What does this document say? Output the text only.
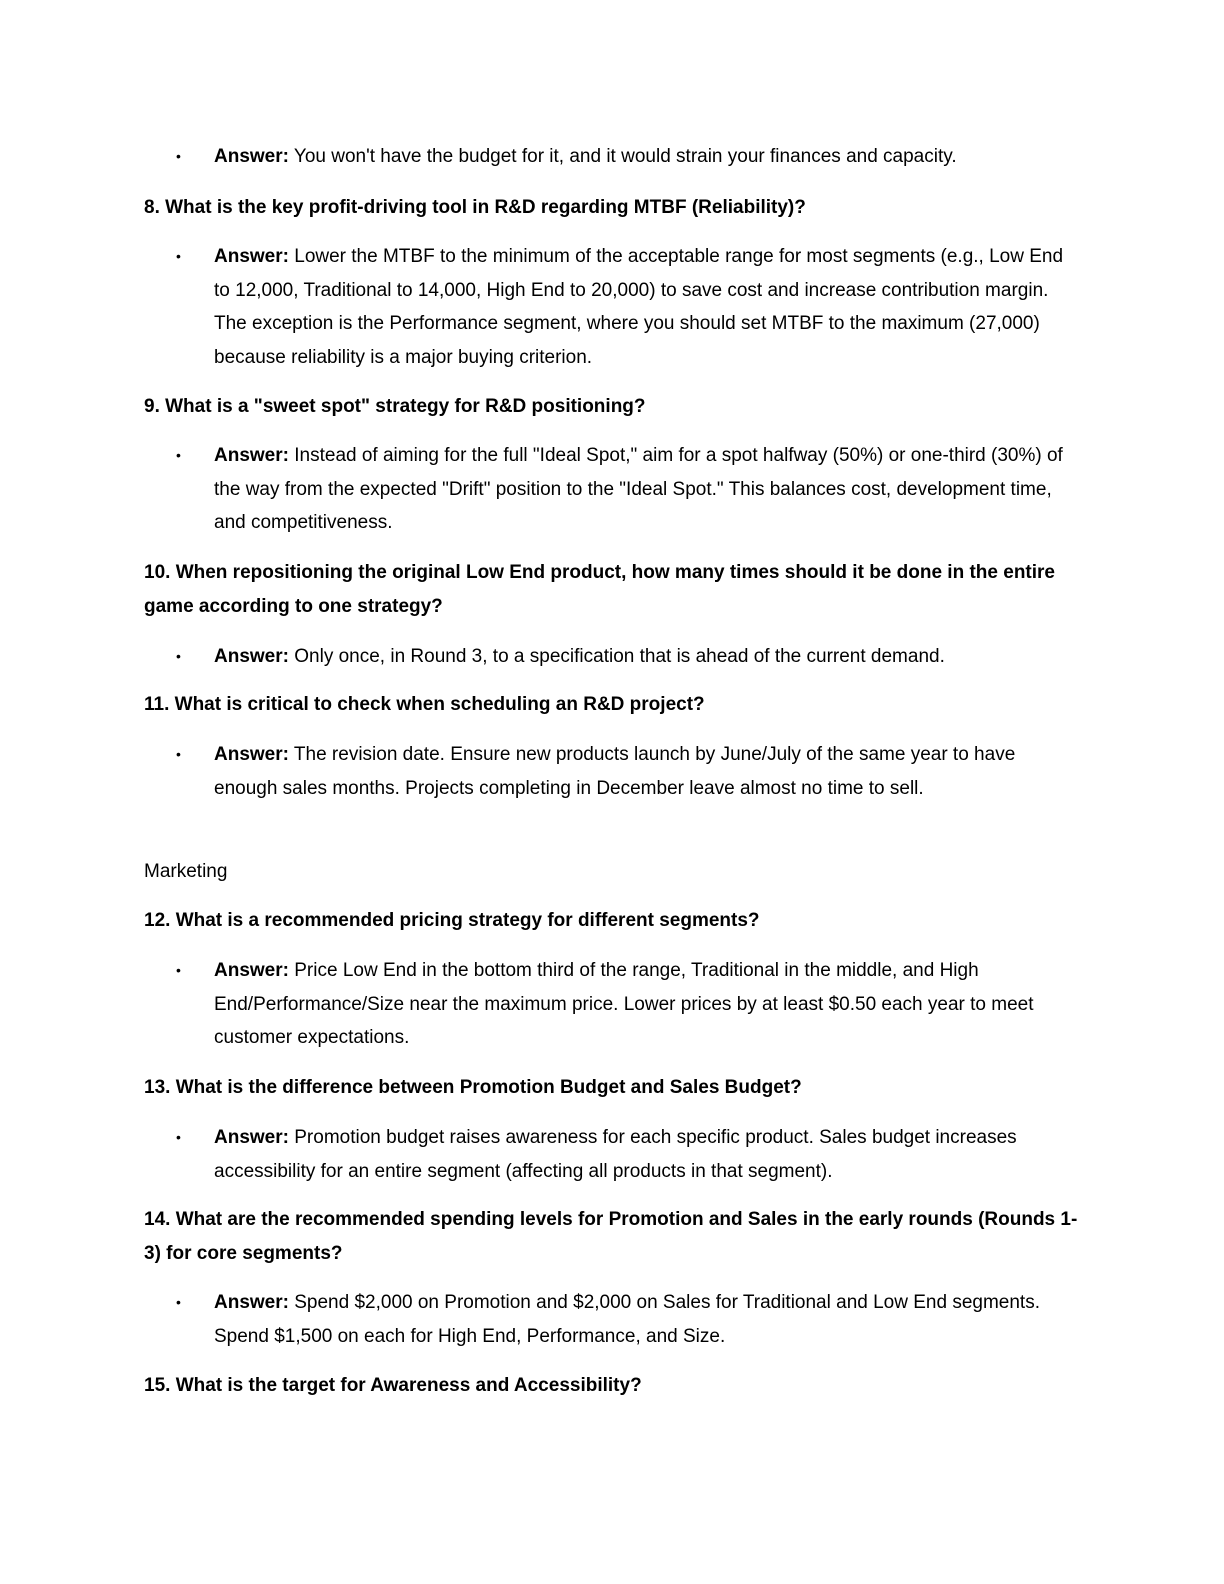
• Answer: You won't have the budget for it, and it would strain your finances and capacity.
8. What is the key profit-driving tool in R&D regarding MTBF (Reliability)?
• Answer: Lower the MTBF to the minimum of the acceptable range for most segments (e.g., Low End to 12,000, Traditional to 14,000, High End to 20,000) to save cost and increase contribution margin. The exception is the Performance segment, where you should set MTBF to the maximum (27,000) because reliability is a major buying criterion.
9. What is a "sweet spot" strategy for R&D positioning?
• Answer: Instead of aiming for the full "Ideal Spot," aim for a spot halfway (50%) or one-third (30%) of the way from the expected "Drift" position to the "Ideal Spot." This balances cost, development time, and competitiveness.
10. When repositioning the original Low End product, how many times should it be done in the entire game according to one strategy?
• Answer: Only once, in Round 3, to a specification that is ahead of the current demand.
11. What is critical to check when scheduling an R&D project?
• Answer: The revision date. Ensure new products launch by June/July of the same year to have enough sales months. Projects completing in December leave almost no time to sell.
Marketing
12. What is a recommended pricing strategy for different segments?
• Answer: Price Low End in the bottom third of the range, Traditional in the middle, and High End/Performance/Size near the maximum price. Lower prices by at least $0.50 each year to meet customer expectations.
13. What is the difference between Promotion Budget and Sales Budget?
• Answer: Promotion budget raises awareness for each specific product. Sales budget increases accessibility for an entire segment (affecting all products in that segment).
14. What are the recommended spending levels for Promotion and Sales in the early rounds (Rounds 1-3) for core segments?
• Answer: Spend $2,000 on Promotion and $2,000 on Sales for Traditional and Low End segments. Spend $1,500 on each for High End, Performance, and Size.
15. What is the target for Awareness and Accessibility?
